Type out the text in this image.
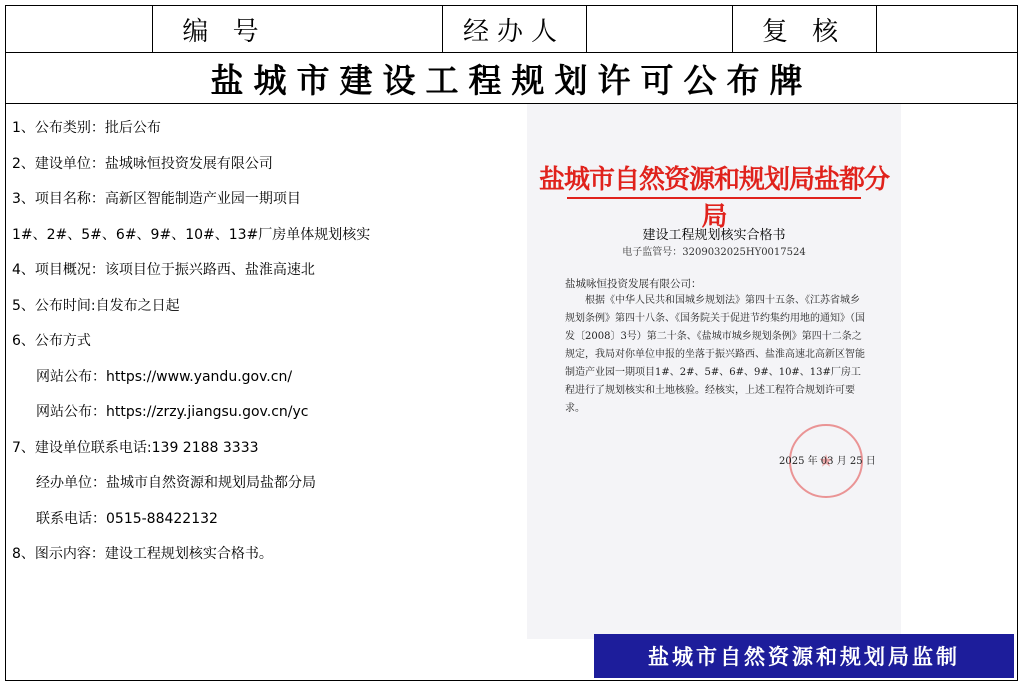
编 号	经办人	复 核
盐城市建设工程规划许可公布牌
1、公布类别：批后公布
2、建设单位：盐城咏恒投资发展有限公司
3、项目名称：高新区智能制造产业园一期项目
1#、2#、5#、6#、9#、10#、13#厂房单体规划核实
4、项目概况：该项目位于振兴路西、盐淮高速北
5、公布时间:自发布之日起
6、公布方式
网站公布：https://www.yandu.gov.cn/
网站公布：https://zrzy.jiangsu.gov.cn/yc
7、建设单位联系电话:139 2188 3333
经办单位：盐城市自然资源和规划局盐都分局
联系电话：0515-88422132
8、图示内容：建设工程规划核实合格书。
盐城市自然资源和规划局盐都分局
建设工程规划核实合格书
电子监管号：3209032025HY0017524
盐城咏恒投资发展有限公司：
根据《中华人民共和国城乡规划法》第四十五条、《江苏省城乡规划条例》第四十八条、《国务院关于促进节约集约用地的通知》（国发〔2008〕3号）第二十条、《盐城市城乡规划条例》第四十二条之规定，我局对你单位申报的坐落于振兴路西、盐淮高速北高新区智能制造产业园一期项目1#、2#、5#、6#、9#、10#、13#厂房工程进行了规划核实和土地核验。经核实，上述工程符合规划许可要求。
2025 年 03 月 25 日
盐城市自然资源和规划局监制
